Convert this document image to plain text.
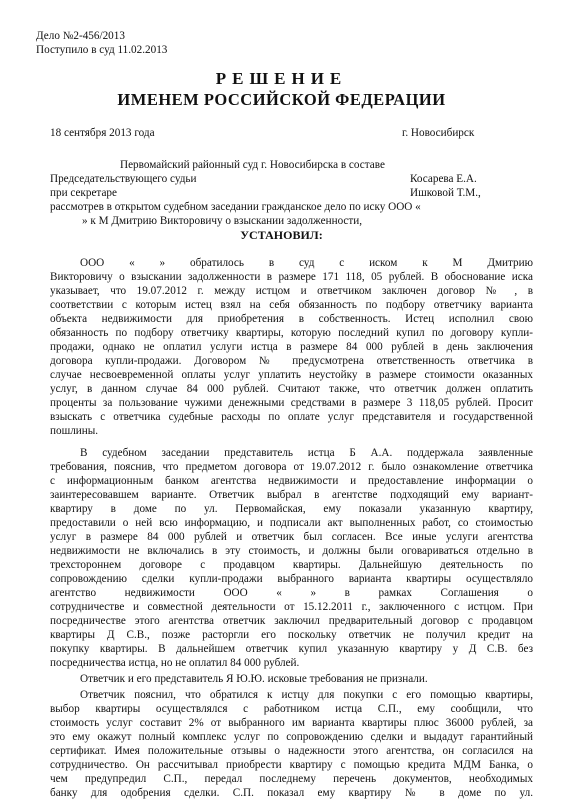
Дело №2-456/2013
Поступило в суд 11.02.2013
РЕШЕНИЕ
ИМЕНЕМ РОССИЙСКОЙ ФЕДЕРАЦИИ
18 сентября 2013 года	г. Новосибирск
Первомайский районный суд г. Новосибирска в составе
Председательствующего судьи	Косарева Е.А.
при секретаре	Ишковой Т.М.,
рассмотрев в открытом судебном заседании гражданское дело по иску ООО «
» к М Дмитрию Викторовичу о взыскании задолженности,
УСТАНОВИЛ:
ООО « » обратилось в суд с иском к М Дмитрию
Викторовичу о взыскании задолженности в размере 171 118, 05 рублей. В обоснование иска
указывает, что 19.07.2012 г. между истцом и ответчиком заключен договор № , в
соответствии с которым истец взял на себя обязанность по подбору ответчику варианта
объекта недвижимости для приобретения в собственность. Истец исполнил свою
обязанность по подбору ответчику квартиры, которую последний купил по договору купли-
продажи, однако не оплатил услуги истца в размере 84 000 рублей в день заключения
договора купли-продажи. Договором № предусмотрена ответственность ответчика в
случае несвоевременной оплаты услуг уплатить неустойку в размере стоимости оказанных
услуг, в данном случае 84 000 рублей. Считают также, что ответчик должен оплатить
проценты за пользование чужими денежными средствами в размере 3 118,05 рублей. Просит
взыскать с ответчика судебные расходы по оплате услуг представителя и государственной
пошлины.
В судебном заседании представитель истца Б А.А. поддержала заявленные
требования, пояснив, что предметом договора от 19.07.2012 г. было ознакомление ответчика
с информационным банком агентства недвижимости и предоставление информации о
заинтересовавшем варианте. Ответчик выбрал в агентстве подходящий ему вариант-
квартиру в доме по ул. Первомайская, ему показали указанную квартиру,
предоставили о ней всю информацию, и подписали акт выполненных работ, со стоимостью
услуг в размере 84 000 рублей и ответчик был согласен. Все иные услуги агентства
недвижимости не включались в эту стоимость, и должны были оговариваться отдельно в
трехстороннем договоре с продавцом квартиры. Дальнейшую деятельность по
сопровождению сделки купли-продажи выбранного варианта квартиры осуществляло
агентство недвижимости ООО « » в рамках Соглашения о
сотрудничестве и совместной деятельности от 15.12.2011 г., заключенного с истцом. При
посредничестве этого агентства ответчик заключил предварительный договор с продавцом
квартиры Д С.В., позже расторгли его поскольку ответчик не получил кредит на
покупку квартиры. В дальнейшем ответчик купил указанную квартиру у Д С.В. без
посредничества истца, но не оплатил 84 000 рублей.
Ответчик и его представитель Я Ю.Ю. исковые требования не признали.
Ответчик пояснил, что обратился к истцу для покупки с его помощью квартиры,
выбор квартиры осуществлялся с работником истца С.П., ему сообщили, что
стоимость услуг составит 2% от выбранного им варианта квартиры плюс 36000 рублей, за
это ему окажут полный комплекс услуг по сопровождению сделки и выдадут гарантийный
сертификат. Имея положительные отзывы о надежности этого агентства, он согласился на
сотрудничество. Он рассчитывал приобрести квартиру с помощью кредита МДМ Банка, о
чем предупредил С.П., передал последнему перечень документов, необходимых
банку для одобрения сделки. С.П. показал ему квартиру № в доме по ул.
